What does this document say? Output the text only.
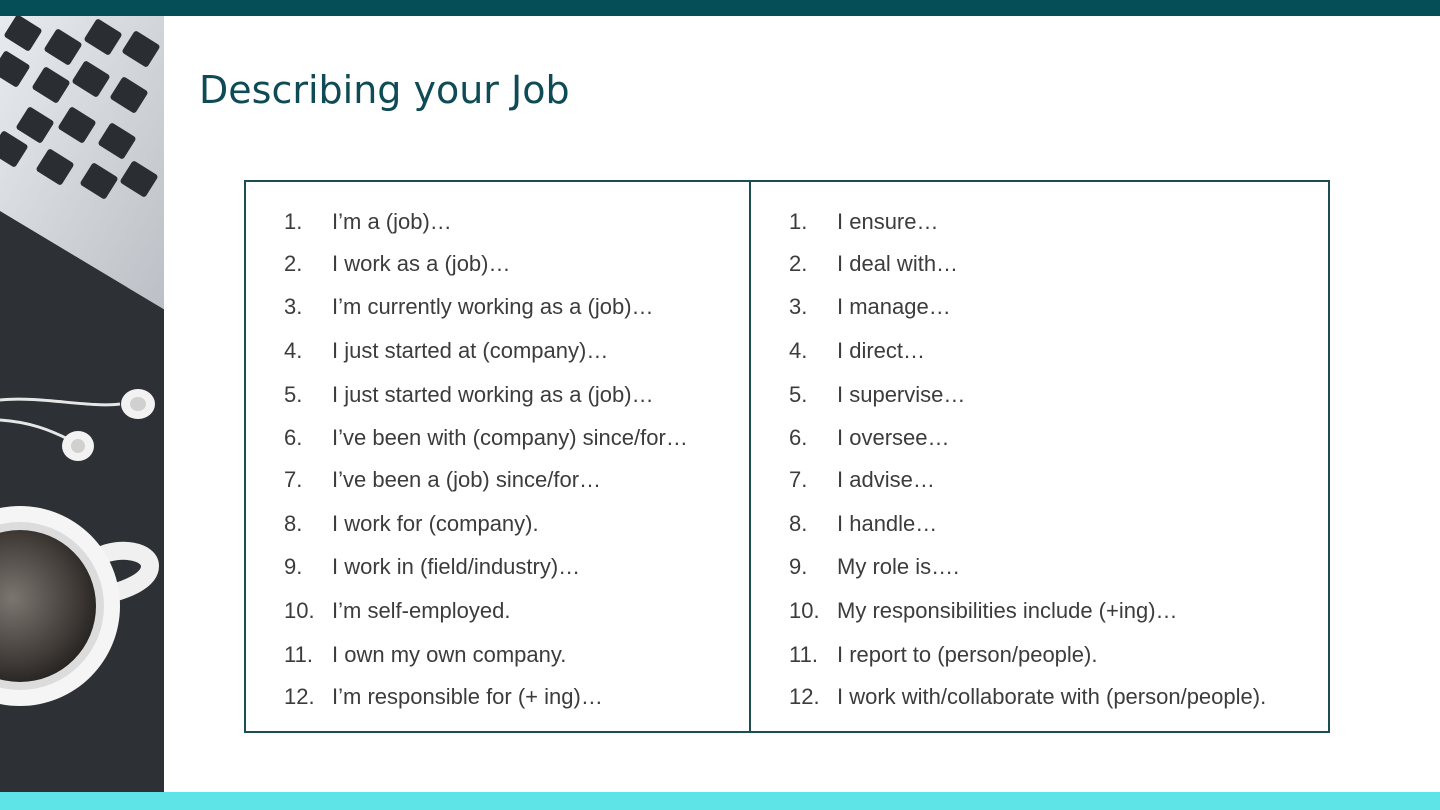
Describing your Job
1. I’m a (job)…
2. I work as a (job)…
3. I’m currently working as a (job)…
4. I just started at (company)…
5. I just started working as a (job)…
6. I’ve been with (company) since/for…
7. I’ve been a (job) since/for…
8. I work for (company).
9. I work in (field/industry)…
10. I’m self-employed.
11. I own my own company.
12. I’m responsible for (+ ing)…
1. I ensure…
2. I deal with…
3. I manage…
4. I direct…
5. I supervise…
6. I oversee…
7. I advise…
8. I handle…
9. My role is….
10. My responsibilities include (+ing)…
11. I report to (person/people).
12. I work with/collaborate with (person/people).
